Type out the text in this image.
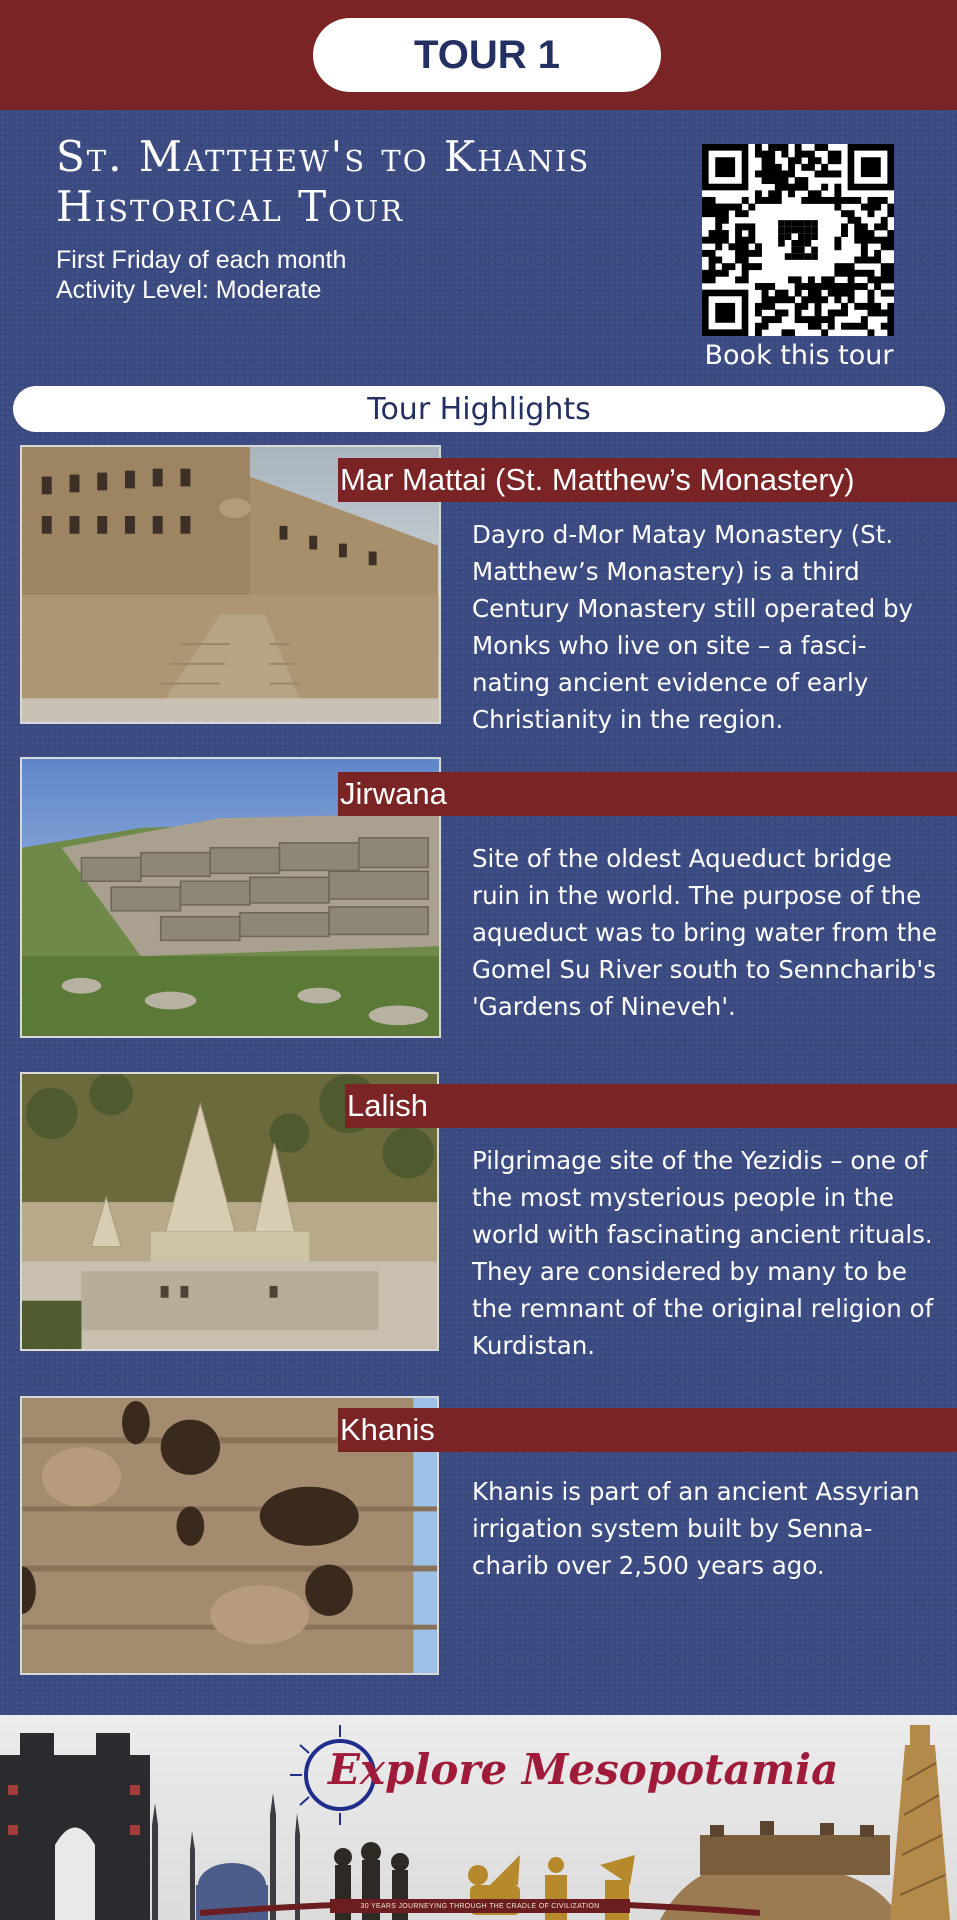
TOUR 1
St. Matthew's to Khanis
Historical Tour
First Friday of each month
Activity Level: Moderate
Book this tour
Tour Highlights
Mar Mattai (St. Matthew’s Monastery)
Dayro d-Mor Matay Monastery (St. Matthew’s Monastery) is a third Century Monastery still operated by Monks who live on site – a fasci- nating ancient evidence of early Christianity in the region.
Jirwana
Site of the oldest Aqueduct bridge ruin in the world. The purpose of the aqueduct was to bring water from the Gomel Su River south to Sennchari​b's 'Gardens of Nineveh'.
Lalish
Pilgrimage site of the Yezidis – one of the most mysterious people in the world with fascinating ancient rituals. They are considered by many to be the remnant of the original religion of Kurdistan.
Khanis
Khanis is part of an ancient Assyrian irrigation system built by Senna- charib over 2,500 years ago.
Explore Mesopotamia
30 YEARS JOURNEYING THROUGH THE CRADLE OF CIVILIZATION
